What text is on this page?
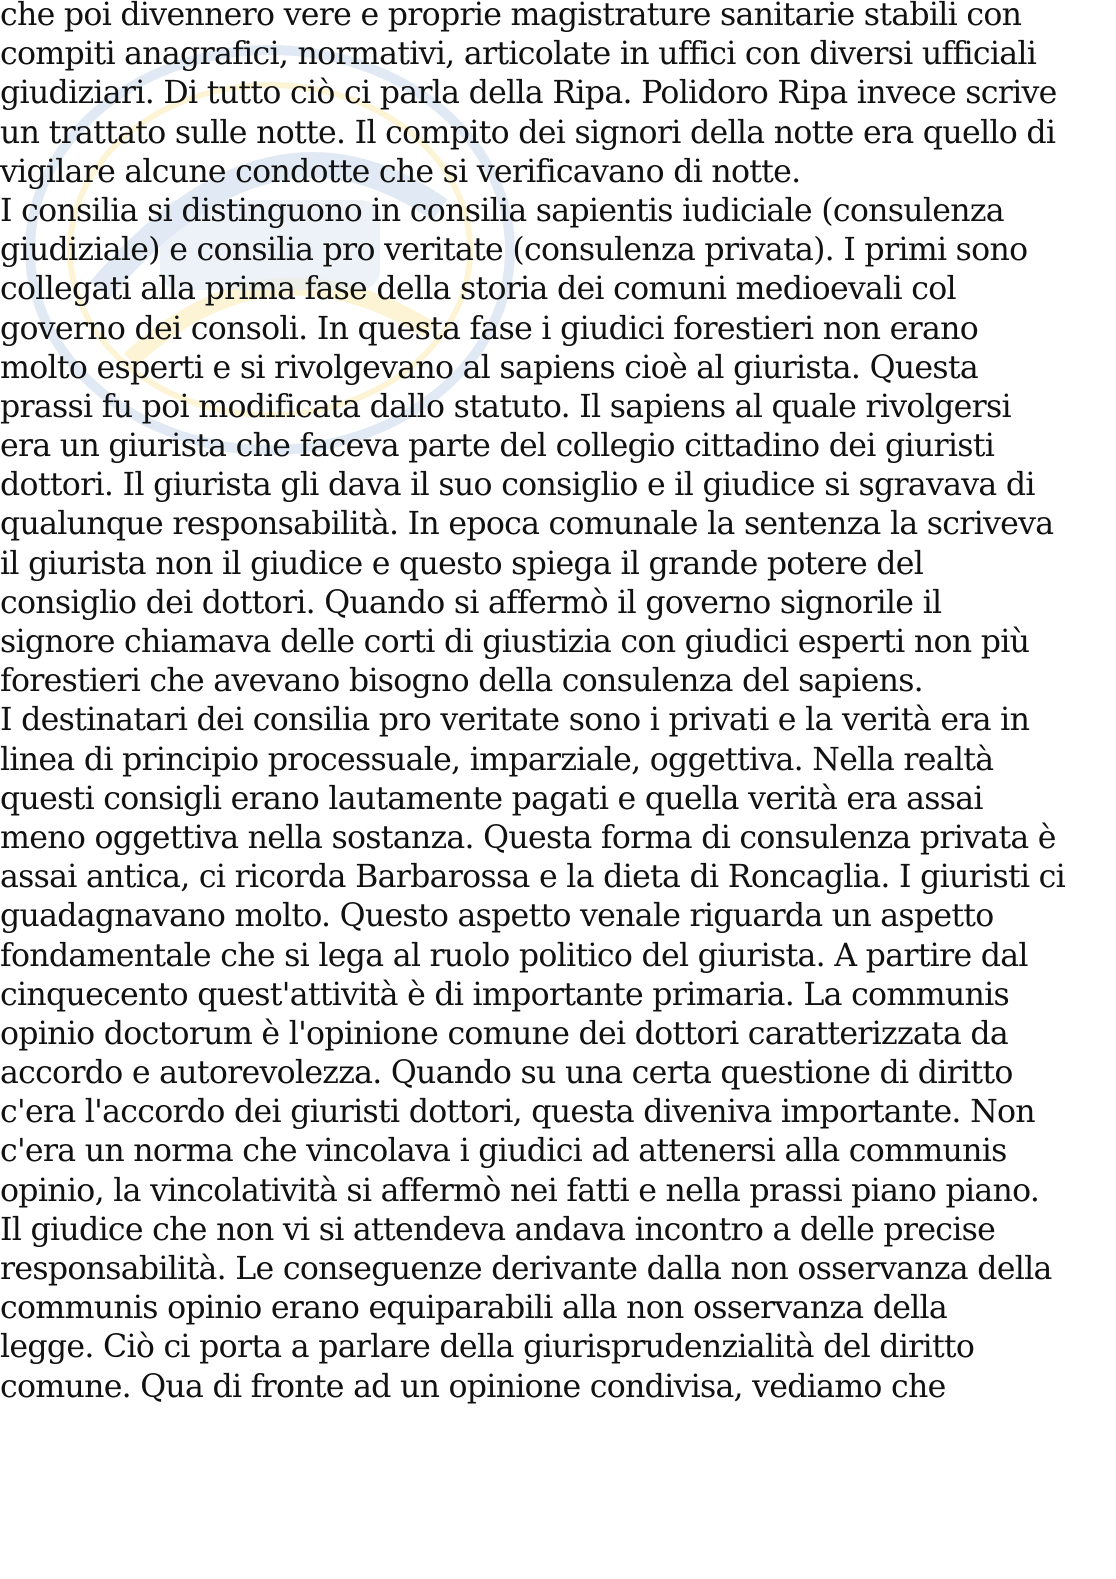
che poi divennero vere e proprie magistrature sanitarie stabili con
compiti anagrafici, normativi, articolate in uffici con diversi ufficiali
giudiziari. Di tutto ciò ci parla della Ripa. Polidoro Ripa invece scrive
un trattato sulle notte. Il compito dei signori della notte era quello di
vigilare alcune condotte che si verificavano di notte.
I consilia si distinguono in consilia sapientis iudiciale (consulenza
giudiziale) e consilia pro veritate (consulenza privata). I primi sono
collegati alla prima fase della storia dei comuni medioevali col
governo dei consoli. In questa fase i giudici forestieri non erano
molto esperti e si rivolgevano al sapiens cioè al giurista. Questa
prassi fu poi modificata dallo statuto. Il sapiens al quale rivolgersi
era un giurista che faceva parte del collegio cittadino dei giuristi
dottori. Il giurista gli dava il suo consiglio e il giudice si sgravava di
qualunque responsabilità. In epoca comunale la sentenza la scriveva
il giurista non il giudice e questo spiega il grande potere del
consiglio dei dottori. Quando si affermò il governo signorile il
signore chiamava delle corti di giustizia con giudici esperti non più
forestieri che avevano bisogno della consulenza del sapiens.
I destinatari dei consilia pro veritate sono i privati e la verità era in
linea di principio processuale, imparziale, oggettiva. Nella realtà
questi consigli erano lautamente pagati e quella verità era assai
meno oggettiva nella sostanza. Questa forma di consulenza privata è
assai antica, ci ricorda Barbarossa e la dieta di Roncaglia. I giuristi ci
guadagnavano molto. Questo aspetto venale riguarda un aspetto
fondamentale che si lega al ruolo politico del giurista. A partire dal
cinquecento quest'attività è di importante primaria. La communis
opinio doctorum è l'opinione comune dei dottori caratterizzata da
accordo e autorevolezza. Quando su una certa questione di diritto
c'era l'accordo dei giuristi dottori, questa diveniva importante. Non
c'era un norma che vincolava i giudici ad attenersi alla communis
opinio, la vincolatività si affermò nei fatti e nella prassi piano piano.
Il giudice che non vi si attendeva andava incontro a delle precise
responsabilità. Le conseguenze derivante dalla non osservanza della
communis opinio erano equiparabili alla non osservanza della
legge. Ciò ci porta a parlare della giurisprudenzialità del diritto
comune. Qua di fronte ad un opinione condivisa, vediamo che
